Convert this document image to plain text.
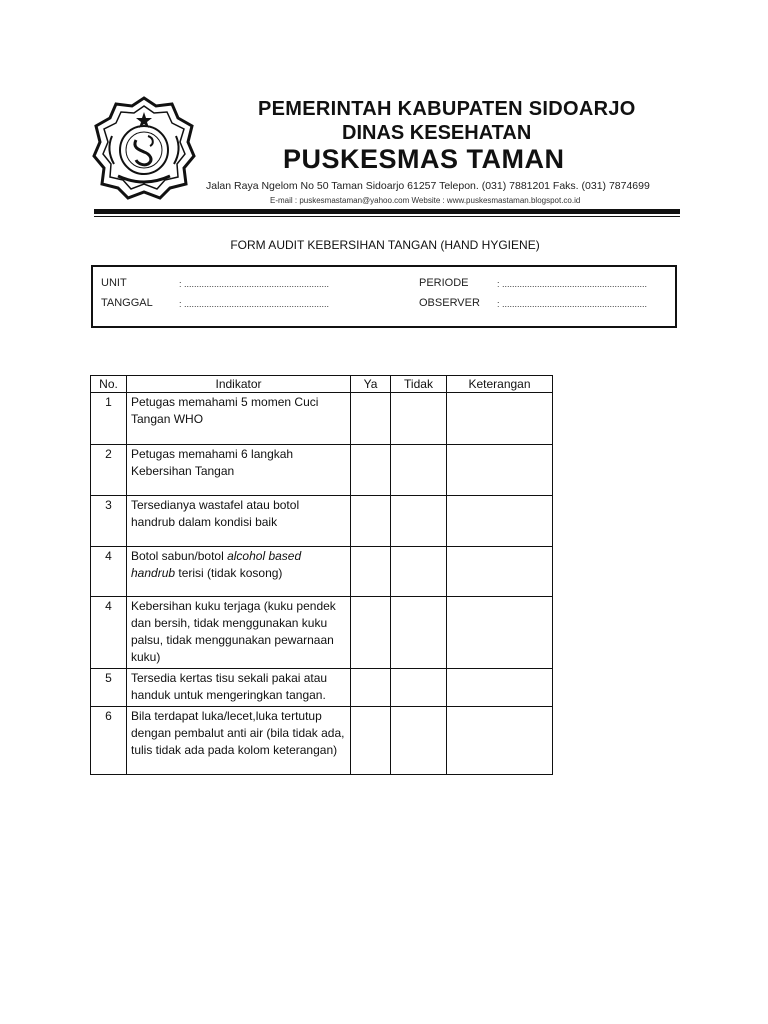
PEMERINTAH KABUPATEN SIDOARJO
DINAS KESEHATAN
PUSKESMAS TAMAN
Jalan Raya Ngelom No 50 Taman Sidoarjo 61257 Telepon. (031) 7881201 Faks. (031) 7874699
E-mail : puskesmastaman@yahoo.com Website : www.puskesmastaman.blogspot.co.id
FORM AUDIT KEBERSIHAN TANGAN (HAND HYGIENE)
UNIT	: ..........................................................
TANGGAL	: ..........................................................
PERIODE	: ..........................................................
OBSERVER : ..........................................................
No.	Indikator	Ya	Tidak	Keterangan
1	Petugas memahami 5 momen Cuci Tangan WHO			
2	Petugas memahami 6 langkah Kebersihan Tangan			
3	Tersedianya wastafel atau botol handrub dalam kondisi baik			
4	Botol sabun/botol alcohol based handrub terisi (tidak kosong)			
4	Kebersihan kuku terjaga (kuku pendek dan bersih, tidak menggunakan kuku palsu, tidak menggunakan pewarnaan kuku)			
5	Tersedia kertas tisu sekali pakai atau handuk untuk mengeringkan tangan.			
6	Bila terdapat luka/lecet,luka tertutup dengan pembalut anti air (bila tidak ada, tulis tidak ada pada kolom keterangan)			
